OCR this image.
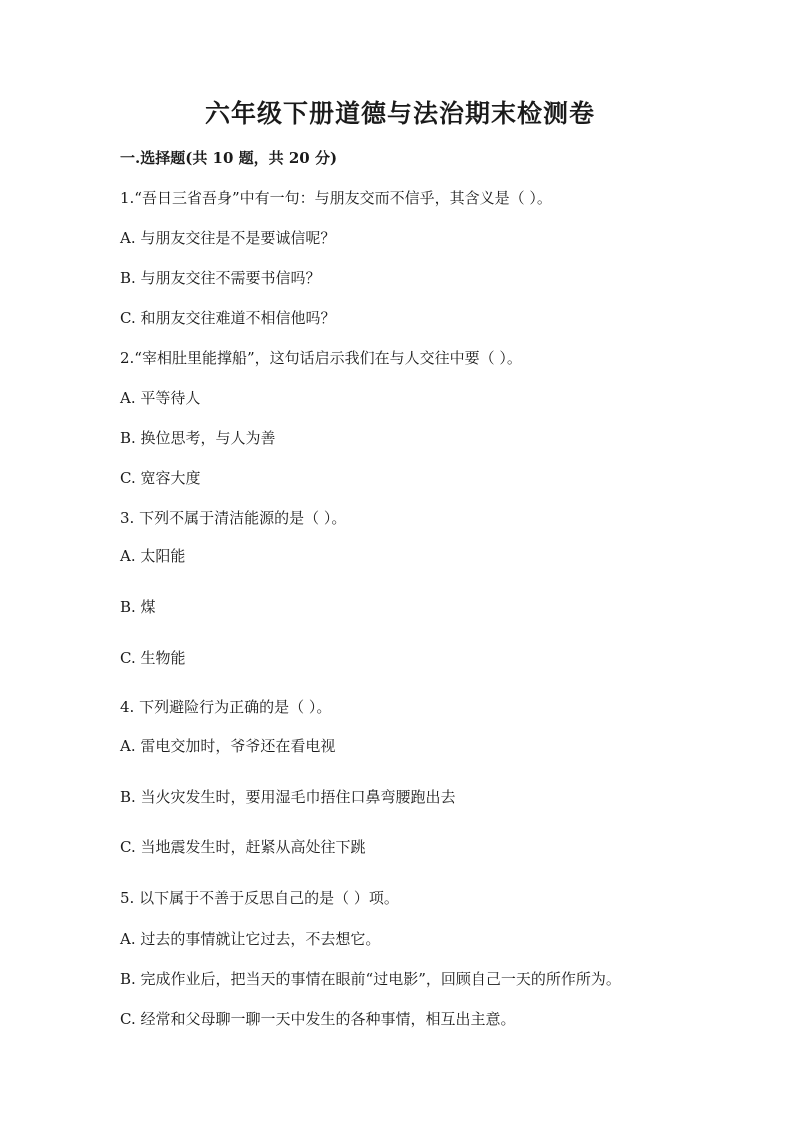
六年级下册道德与法治期末检测卷
一.选择题(共 10 题，共 20 分)
1.“吾日三省吾身”中有一句：与朋友交而不信乎，其含义是（ ）。
A. 与朋友交往是不是要诚信呢？
B. 与朋友交往不需要书信吗？
C. 和朋友交往难道不相信他吗？
2.“宰相肚里能撑船”，这句话启示我们在与人交往中要（ ）。
A. 平等待人
B. 换位思考，与人为善
C. 宽容大度
3. 下列不属于清洁能源的是（ ）。
A. 太阳能
B. 煤
C. 生物能
4. 下列避险行为正确的是（ ）。
A. 雷电交加时，爷爷还在看电视
B. 当火灾发生时，要用湿毛巾捂住口鼻弯腰跑出去
C. 当地震发生时，赶紧从高处往下跳
5. 以下属于不善于反思自己的是（ ）项。
A. 过去的事情就让它过去，不去想它。
B. 完成作业后，把当天的事情在眼前“过电影”，回顾自己一天的所作所为。
C. 经常和父母聊一聊一天中发生的各种事情，相互出主意。
